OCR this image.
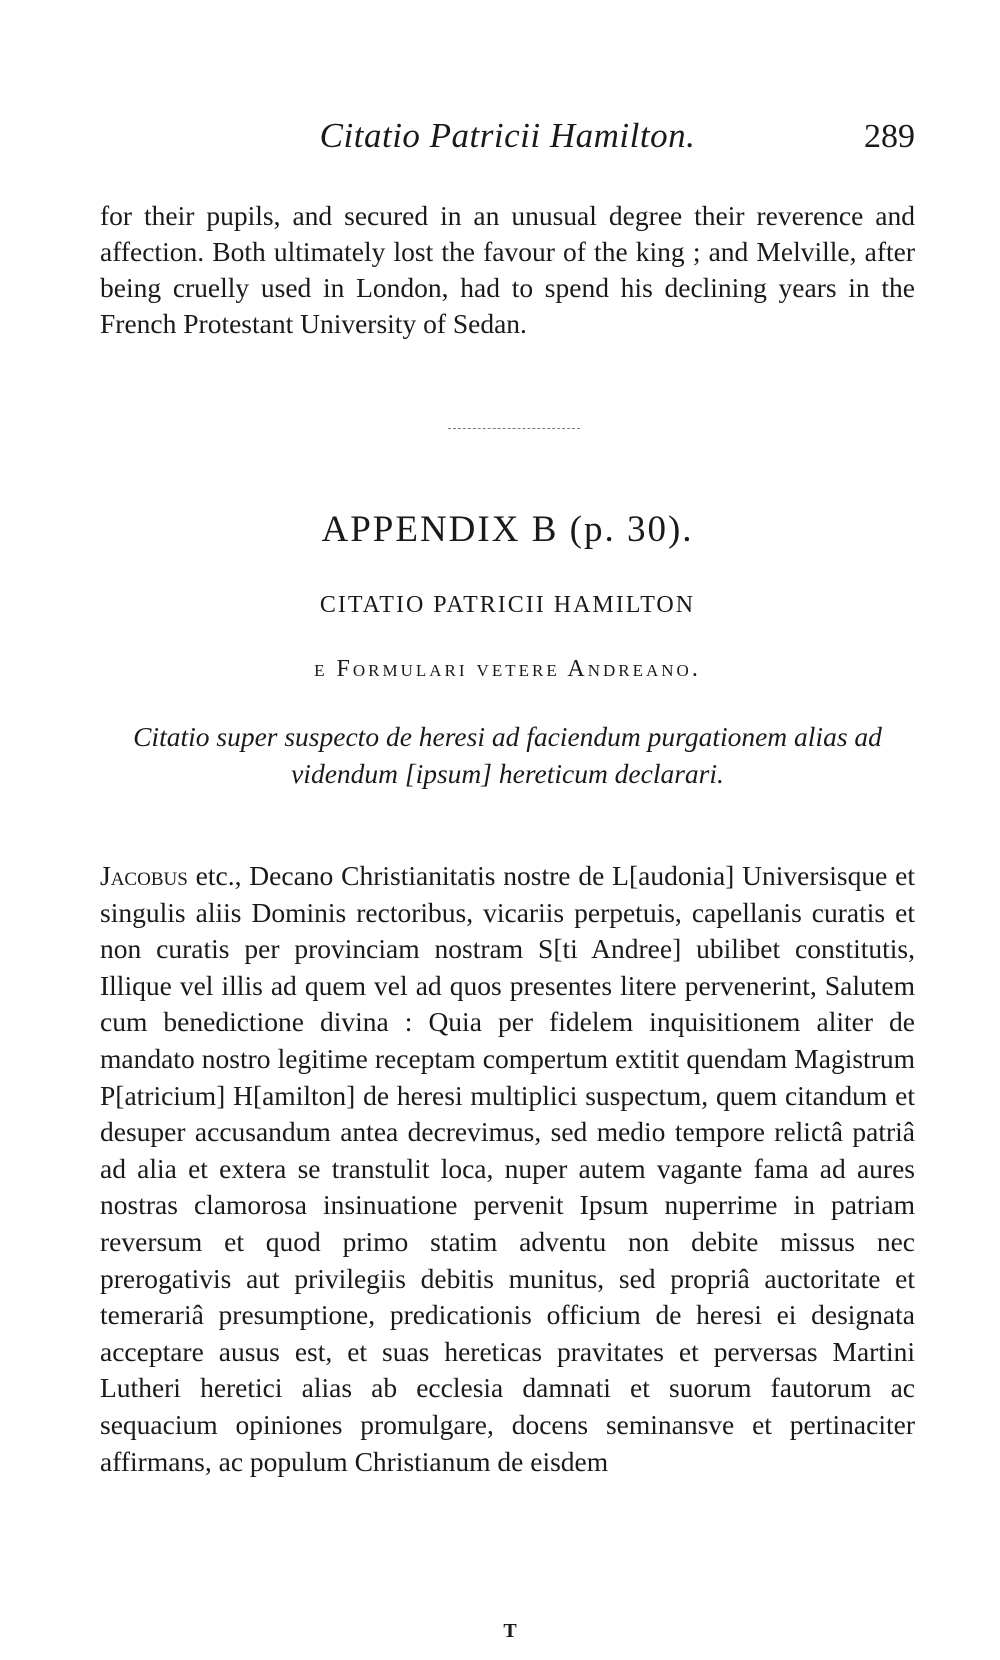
Citatio Patricii Hamilton.	289

for their pupils, and secured in an unusual degree their reverence and affection. Both ultimately lost the favour of the king ; and Melville, after being cruelly used in London, had to spend his declining years in the French Protestant University of Sedan.

APPENDIX B (p. 30).
CITATIO PATRICII HAMILTON
e Formulari vetere Andreano.

Citatio super suspecto de heresi ad faciendum purgationem alias ad videndum [ipsum] hereticum declarari.

Jacobus etc., Decano Christianitatis nostre de L[audonia] Universisque et singulis aliis Dominis rectoribus, vicariis perpetuis, capellanis curatis et non curatis per provinciam nostram S[ti Andree] ubilibet constitutis, Illique vel illis ad quem vel ad quos presentes litere pervenerint, Salutem cum benedictione divina : Quia per fidelem inquisitionem aliter de mandato nostro legitime receptam compertum extitit quendam Magistrum P[atricium] H[amilton] de heresi multiplici suspectum, quem citandum et desuper accusandum antea decrevimus, sed medio tempore relictâ patriâ ad alia et extera se transtulit loca, nuper autem vagante fama ad aures nostras clamorosa insinuatione pervenit Ipsum nuperrime in patriam reversum et quod primo statim adventu non debite missus nec prerogativis aut privilegiis debitis munitus, sed propriâ auctoritate et temerariâ presumptione, predicationis officium de heresi ei designata acceptare ausus est, et suas hereticas pravitates et perversas Martini Lutheri heretici alias ab ecclesia damnati et suorum fautorum ac sequacium opiniones promulgare, docens seminansve et pertinaciter affirmans, ac populum Christianum de eisdem

T
